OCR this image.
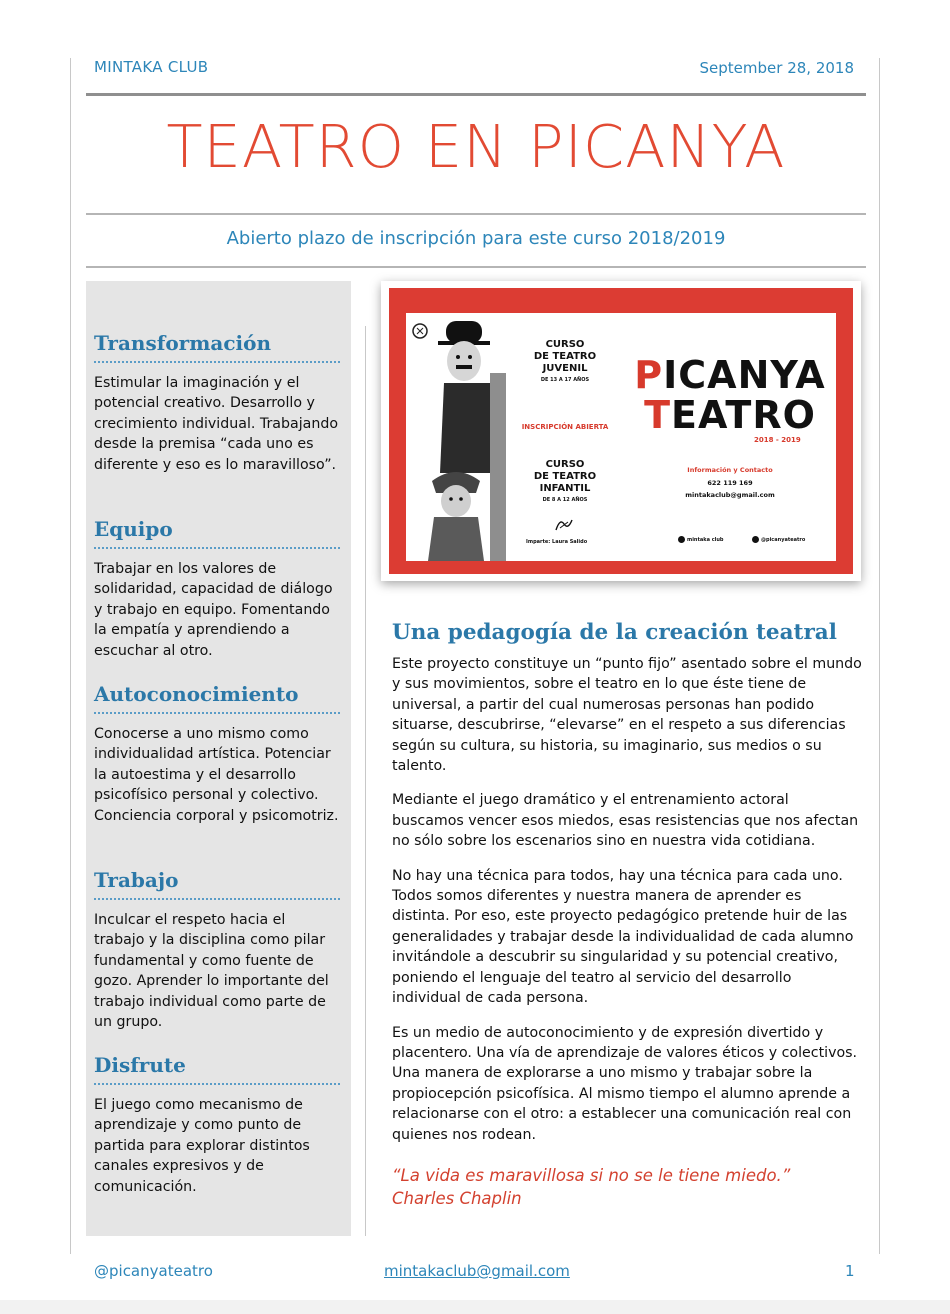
MINTAKA CLUB	September 28, 2018
TEATRO EN PICANYA
Abierto plazo de inscripción para este curso 2018/2019
Transformación
Estimular la imaginación y el potencial creativo. Desarrollo y crecimiento individual. Trabajando desde la premisa “cada uno es diferente y eso es lo maravilloso”.
Equipo
Trabajar en los valores de solidaridad, capacidad de diálogo y trabajo en equipo. Fomentando la empatía y aprendiendo a escuchar al otro.
Autoconocimiento
Conocerse a uno mismo como individualidad artística. Potenciar la autoestima y el desarrollo psicofísico personal y colectivo. Conciencia corporal y psicomotriz.
Trabajo
Inculcar el respeto hacia el trabajo y la disciplina como pilar fundamental y como fuente de gozo. Aprender lo importante del trabajo individual como parte de un grupo.
Disfrute
El juego como mecanismo de aprendizaje y como punto de partida para explorar distintos canales expresivos y de comunicación.
CURSO
DE TEATRO
JUVENIL
DE 13 A 17 AÑOS
INSCRIPCIÓN ABIERTA
CURSO
DE TEATRO
INFANTIL
DE 8 A 12 AÑOS
Imparte: Laura Salido
PICANYA
TEATRO
2018 - 2019
Información y Contacto
622 119 169
mintakaclub@gmail.com
mintaka club	@picanyateatro
Una pedagogía de la creación teatral

Este proyecto constituye un “punto fijo” asentado sobre el mundo y sus movimientos, sobre el teatro en lo que éste tiene de universal, a partir del cual numerosas personas han podido situarse, descubrirse, “elevarse” en el respeto a sus diferencias según su cultura, su historia, su imaginario, sus medios o su talento.

Mediante el juego dramático y el entrenamiento actoral buscamos vencer esos miedos, esas resistencias que nos afectan no sólo sobre los escenarios sino en nuestra vida cotidiana.

No hay una técnica para todos, hay una técnica para cada uno. Todos somos diferentes y nuestra manera de aprender es distinta. Por eso, este proyecto pedagógico pretende huir de las generalidades y trabajar desde la individualidad de cada alumno invitándole a descubrir su singularidad y su potencial creativo, poniendo el lenguaje del teatro al servicio del desarrollo individual de cada persona.

Es un medio de autoconocimiento y de expresión divertido y placentero. Una vía de aprendizaje de valores éticos y colectivos. Una manera de explorarse a uno mismo y trabajar sobre la propiocepción psicofísica. Al mismo tiempo el alumno aprende a relacionarse con el otro: a establecer una comunicación real con quienes nos rodean.

“La vida es maravillosa si no se le tiene miedo.”
Charles Chaplin
@picanyateatro	mintakaclub@gmail.com	1
